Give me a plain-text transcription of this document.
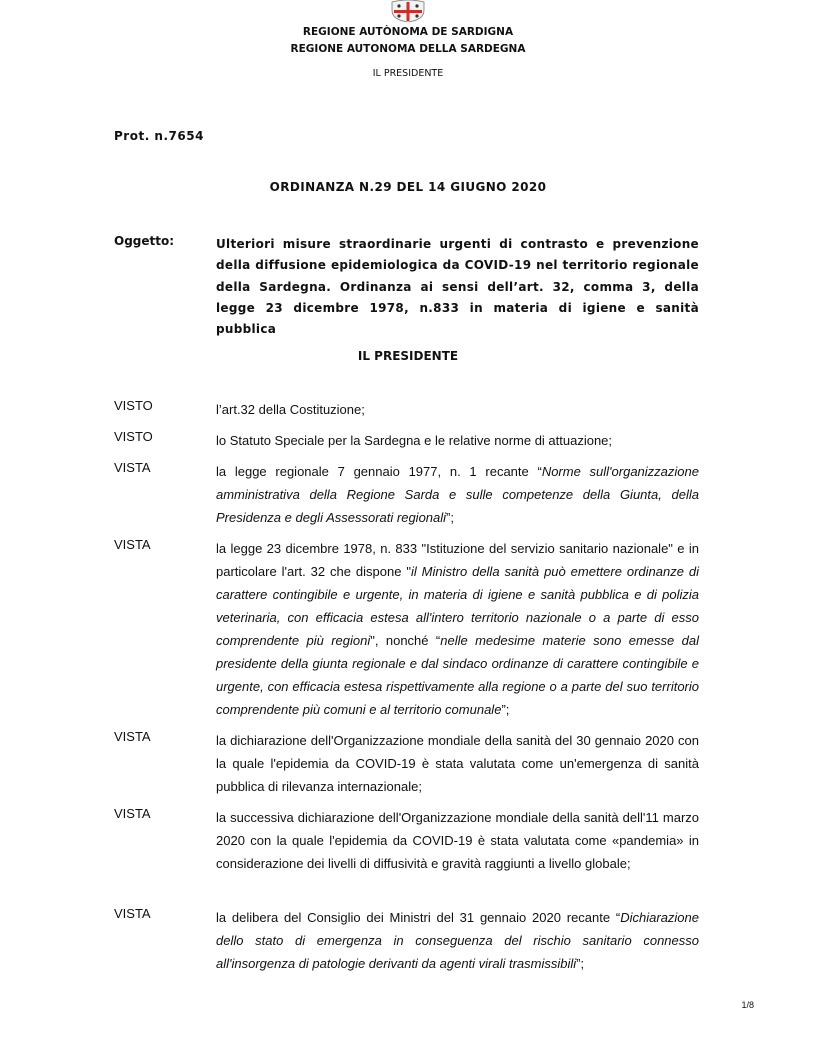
REGIONE AUTÒNOMA DE SARDIGNA
REGIONE AUTONOMA DELLA SARDEGNA
IL PRESIDENTE
Prot. n.7654
ORDINANZA N.29 DEL 14 GIUGNO 2020
Oggetto:	Ulteriori misure straordinarie urgenti di contrasto e prevenzione della diffusione epidemiologica da COVID-19 nel territorio regionale della Sardegna. Ordinanza ai sensi dell’art. 32, comma 3, della legge 23 dicembre 1978, n.833 in materia di igiene e sanità pubblica
IL PRESIDENTE
VISTO	l’art.32 della Costituzione;
VISTO	lo Statuto Speciale per la Sardegna e le relative norme di attuazione;
VISTA	la legge regionale 7 gennaio 1977, n. 1 recante “Norme sull'organizzazione amministrativa della Regione Sarda e sulle competenze della Giunta, della Presidenza e degli Assessorati regionali”;
VISTA	la legge 23 dicembre 1978, n. 833 "Istituzione del servizio sanitario nazionale" e in particolare l'art. 32 che dispone "il Ministro della sanità può emettere ordinanze di carattere contingibile e urgente, in materia di igiene e sanità pubblica e di polizia veterinaria, con efficacia estesa all'intero territorio nazionale o a parte di esso comprendente più regioni", nonché “nelle medesime materie sono emesse dal presidente della giunta regionale e dal sindaco ordinanze di carattere contingibile e urgente, con efficacia estesa rispettivamente alla regione o a parte del suo territorio comprendente più comuni e al territorio comunale”;
VISTA	la dichiarazione dell'Organizzazione mondiale della sanità del 30 gennaio 2020 con la quale l'epidemia da COVID-19 è stata valutata come un'emergenza di sanità pubblica di rilevanza internazionale;
VISTA	la successiva dichiarazione dell'Organizzazione mondiale della sanità dell'11 marzo 2020 con la quale l'epidemia da COVID-19 è stata valutata come «pandemia» in considerazione dei livelli di diffusività e gravità raggiunti a livello globale;
VISTA	la delibera del Consiglio dei Ministri del 31 gennaio 2020 recante “Dichiarazione dello stato di emergenza in conseguenza del rischio sanitario connesso all'insorgenza di patologie derivanti da agenti virali trasmissibili”;
1/8
